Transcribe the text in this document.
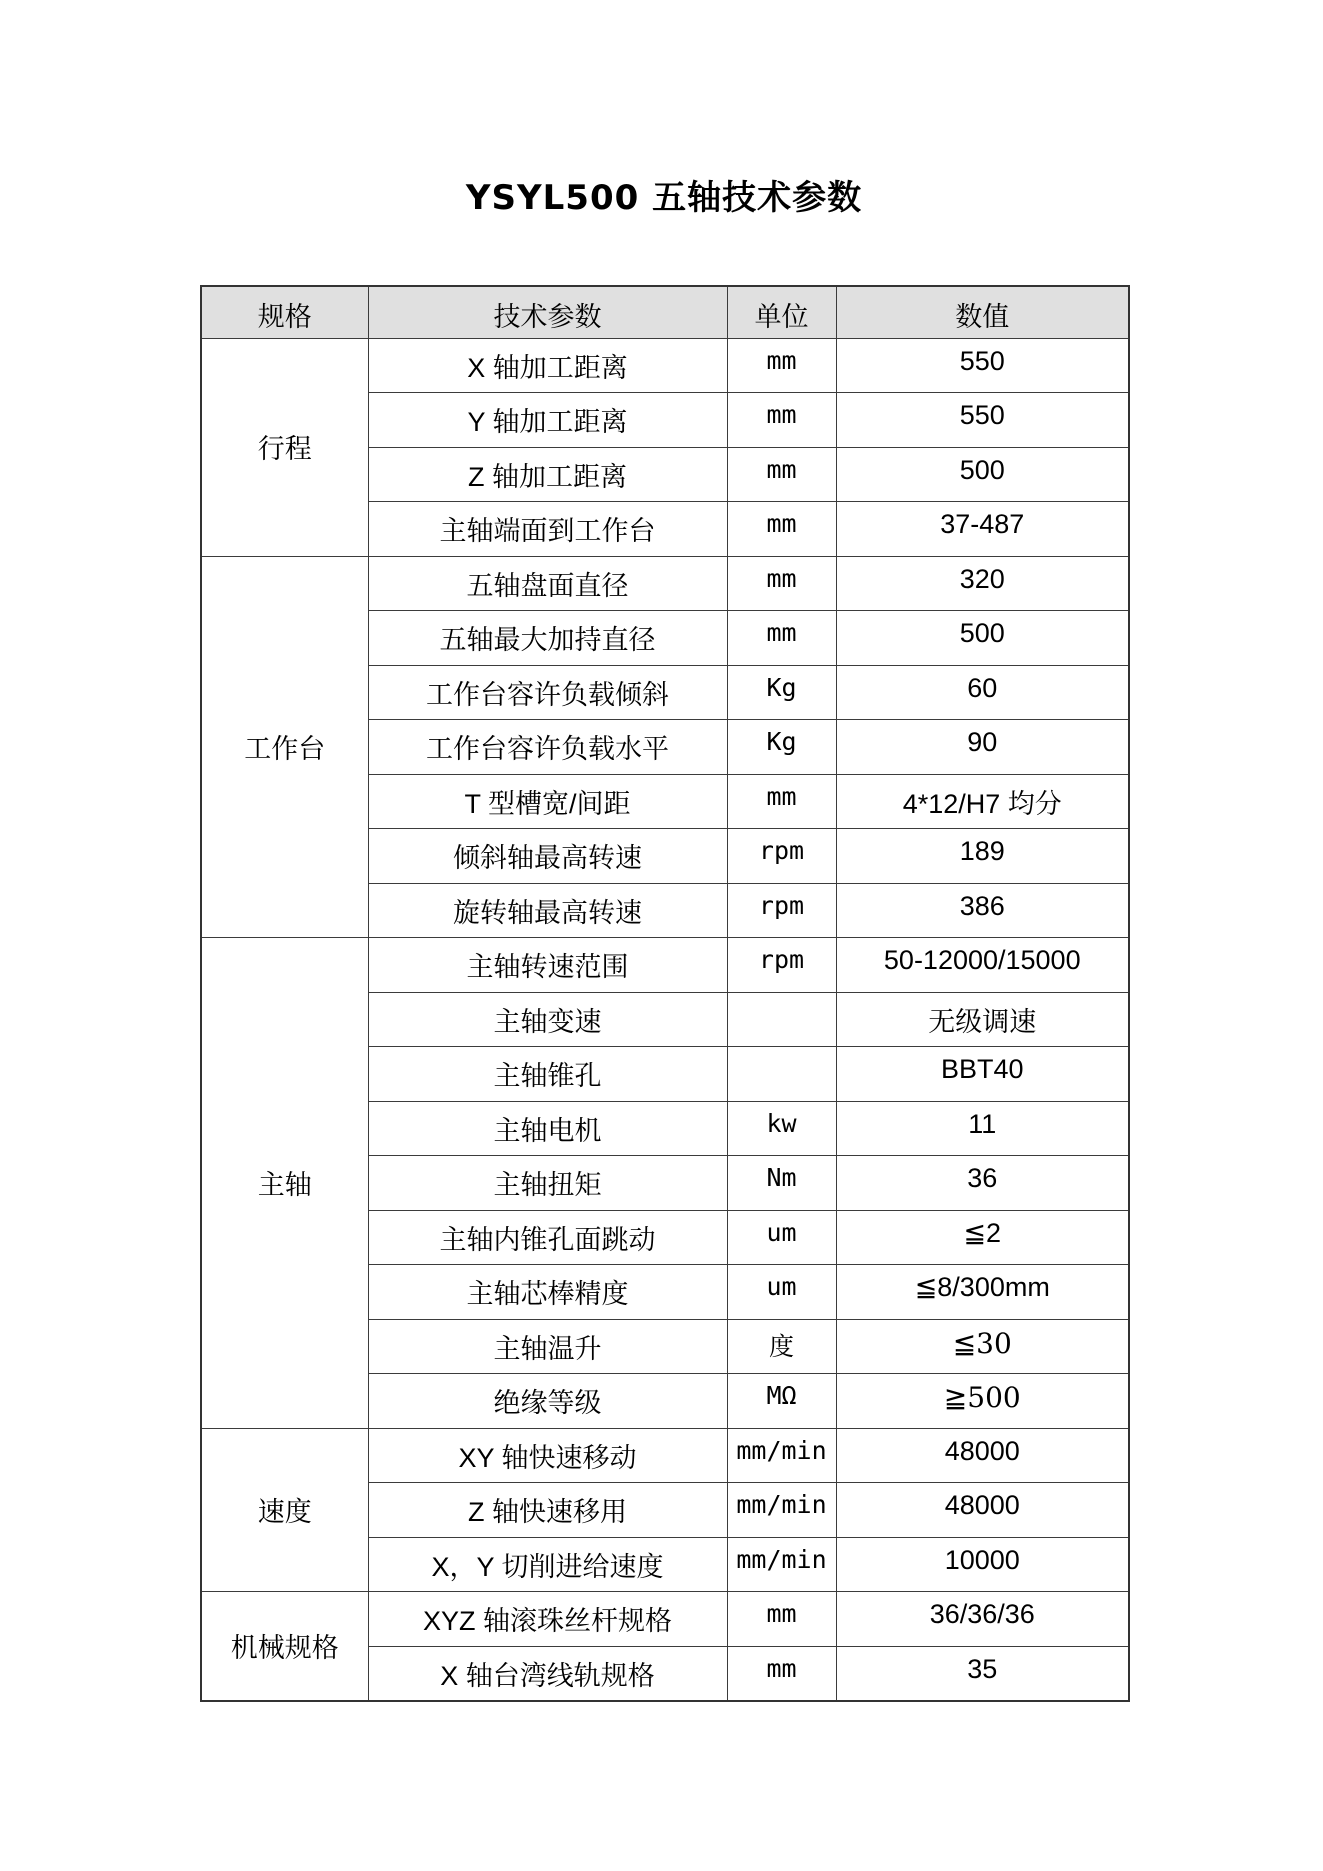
YSYL500 五轴技术参数
规格	技术参数	单位	数值
行程	X 轴加工距离	mm	550
	Y 轴加工距离	mm	550
	Z 轴加工距离	mm	500
	主轴端面到工作台	mm	37-487
工作台	五轴盘面直径	mm	320
	五轴最大加持直径	mm	500
	工作台容许负载倾斜	Kg	60
	工作台容许负载水平	Kg	90
	T 型槽宽/间距	mm	4*12/H7 均分
	倾斜轴最高转速	rpm	189
	旋转轴最高转速	rpm	386
主轴	主轴转速范围	rpm	50-12000/15000
	主轴变速		无级调速
	主轴锥孔		BBT40
	主轴电机	kw	11
	主轴扭矩	Nm	36
	主轴内锥孔面跳动	um	≦2
	主轴芯棒精度	um	≦8/300mm
	主轴温升	度	≦30
	绝缘等级	MΩ	≧500
速度	XY 轴快速移动	mm/min	48000
	Z 轴快速移用	mm/min	48000
	X，Y 切削进给速度	mm/min	10000
机械规格	XYZ 轴滚珠丝杆规格	mm	36/36/36
	X 轴台湾线轨规格	mm	35
